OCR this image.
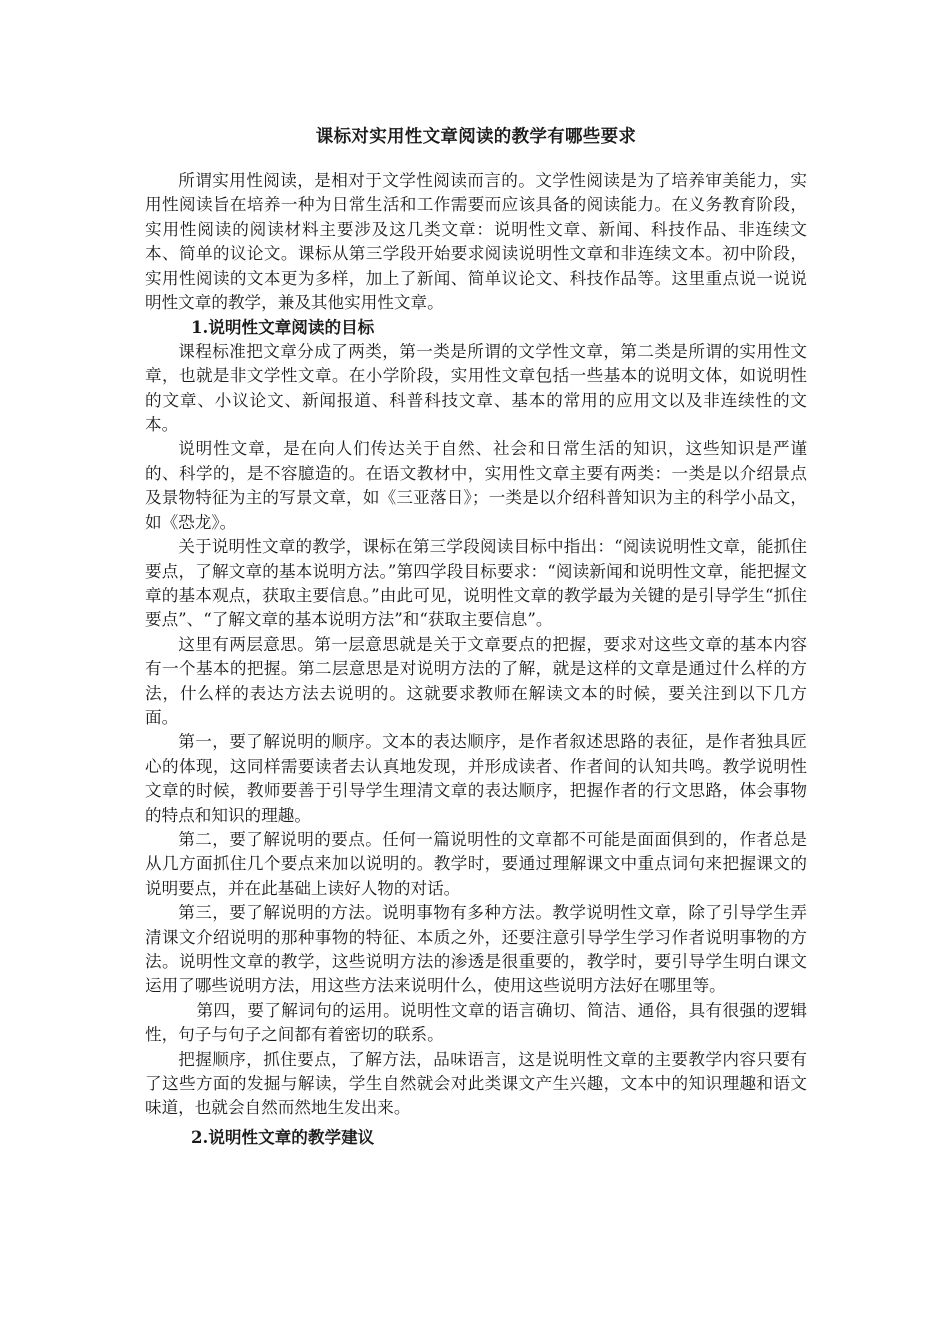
课标对实用性文章阅读的教学有哪些要求

所谓实用性阅读，是相对于文学性阅读而言的。文学性阅读是为了培养审美能力，实用性阅读旨在培养一种为日常生活和工作需要而应该具备的阅读能力。在义务教育阶段，实用性阅读的阅读材料主要涉及这几类文章：说明性文章、新闻、科技作品、非连续文本、简单的议论文。课标从第三学段开始要求阅读说明性文章和非连续文本。初中阶段，实用性阅读的文本更为多样，加上了新闻、简单议论文、科技作品等。这里重点说一说说明性文章的教学，兼及其他实用性文章。

1.说明性文章阅读的目标

课程标准把文章分成了两类，第一类是所谓的文学性文章，第二类是所谓的实用性文章，也就是非文学性文章。在小学阶段，实用性文章包括一些基本的说明文体，如说明性的文章、小议论文、新闻报道、科普科技文章、基本的常用的应用文以及非连续性的文本。

说明性文章，是在向人们传达关于自然、社会和日常生活的知识，这些知识是严谨的、科学的，是不容臆造的。在语文教材中，实用性文章主要有两类：一类是以介绍景点及景物特征为主的写景文章，如《三亚落日》；一类是以介绍科普知识为主的科学小品文，如《恐龙》。

关于说明性文章的教学，课标在第三学段阅读目标中指出：“阅读说明性文章，能抓住要点，了解文章的基本说明方法。”第四学段目标要求：“阅读新闻和说明性文章，能把握文章的基本观点，获取主要信息。”由此可见，说明性文章的教学最为关键的是引导学生“抓住要点”、“了解文章的基本说明方法”和“获取主要信息”。

这里有两层意思。第一层意思就是关于文章要点的把握，要求对这些文章的基本内容有一个基本的把握。第二层意思是对说明方法的了解，就是这样的文章是通过什么样的方法，什么样的表达方法去说明的。这就要求教师在解读文本的时候，要关注到以下几方面。

第一，要了解说明的顺序。文本的表达顺序，是作者叙述思路的表征，是作者独具匠心的体现，这同样需要读者去认真地发现，并形成读者、作者间的认知共鸣。教学说明性文章的时候，教师要善于引导学生理清文章的表达顺序，把握作者的行文思路，体会事物的特点和知识的理趣。

第二，要了解说明的要点。任何一篇说明性的文章都不可能是面面俱到的，作者总是从几方面抓住几个要点来加以说明的。教学时，要通过理解课文中重点词句来把握课文的说明要点，并在此基础上读好人物的对话。

第三，要了解说明的方法。说明事物有多种方法。教学说明性文章，除了引导学生弄清课文介绍说明的那种事物的特征、本质之外，还要注意引导学生学习作者说明事物的方法。说明性文章的教学，这些说明方法的渗透是很重要的，教学时，要引导学生明白课文运用了哪些说明方法，用这些方法来说明什么，使用这些说明方法好在哪里等。

第四，要了解词句的运用。说明性文章的语言确切、简洁、通俗，具有很强的逻辑性，句子与句子之间都有着密切的联系。

把握顺序，抓住要点，了解方法，品味语言，这是说明性文章的主要教学内容只要有了这些方面的发掘与解读，学生自然就会对此类课文产生兴趣，文本中的知识理趣和语文味道，也就会自然而然地生发出来。

2.说明性文章的教学建议
